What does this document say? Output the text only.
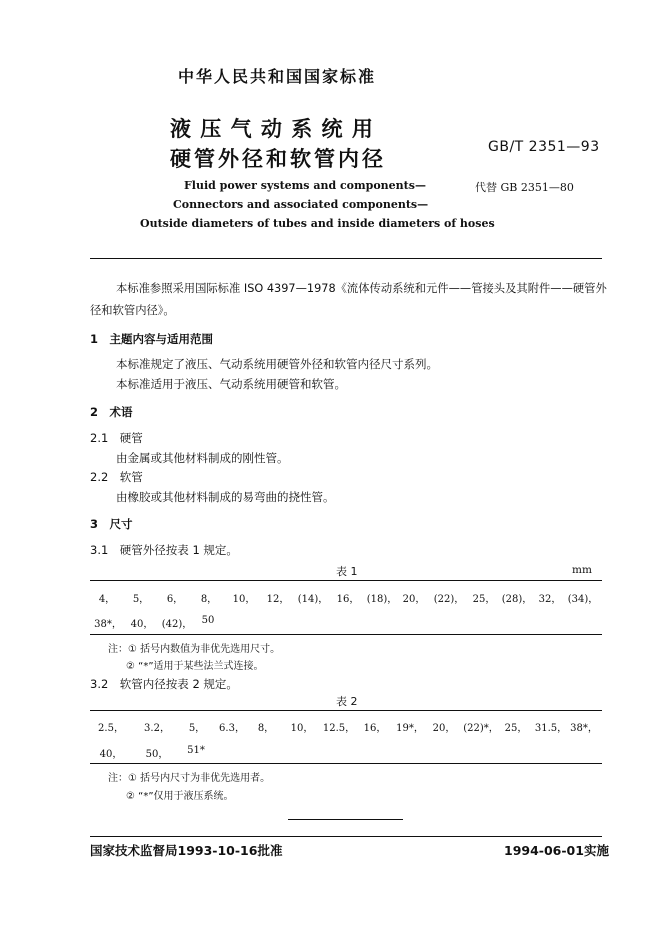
中华人民共和国国家标准
液 压 气 动 系 统 用
硬管外径和软管内径	GB/T 2351—93
代替 GB 2351—80
Fluid power systems and components—
Connectors and associated components—
Outside diameters of tubes and inside diameters of hoses
本标准参照采用国际标准 ISO 4397—1978《流体传动系统和元件——管接头及其附件——硬管外
径和软管内径》。
1　主题内容与适用范围
本标准规定了液压、气动系统用硬管外径和软管内径尺寸系列。
本标准适用于液压、气动系统用硬管和软管。
2　术语
2.1　硬管
由金属或其他材料制成的刚性管。
2.2　软管
由橡胶或其他材料制成的易弯曲的挠性管。
3　尺寸
3.1　硬管外径按表 1 规定。
表 1	mm
4， 5， 6， 8， 10， 12， (14)， 16， (18)， 20， (22)， 25， (28)， 32， (34)，
38*， 40， (42)， 50
注：① 括号内数值为非优先选用尺寸。
② “*”适用于某些法兰式连接。
3.2　软管内径按表 2 规定。
表 2
2.5， 3.2， 5， 6.3， 8， 10， 12.5， 16， 19*， 20， (22)*， 25， 31.5， 38*，
40， 50，	51*
注：① 括号内尺寸为非优先选用者。
② “*”仅用于液压系统。
国家技术监督局1993-10-16批准	1994-06-01实施
